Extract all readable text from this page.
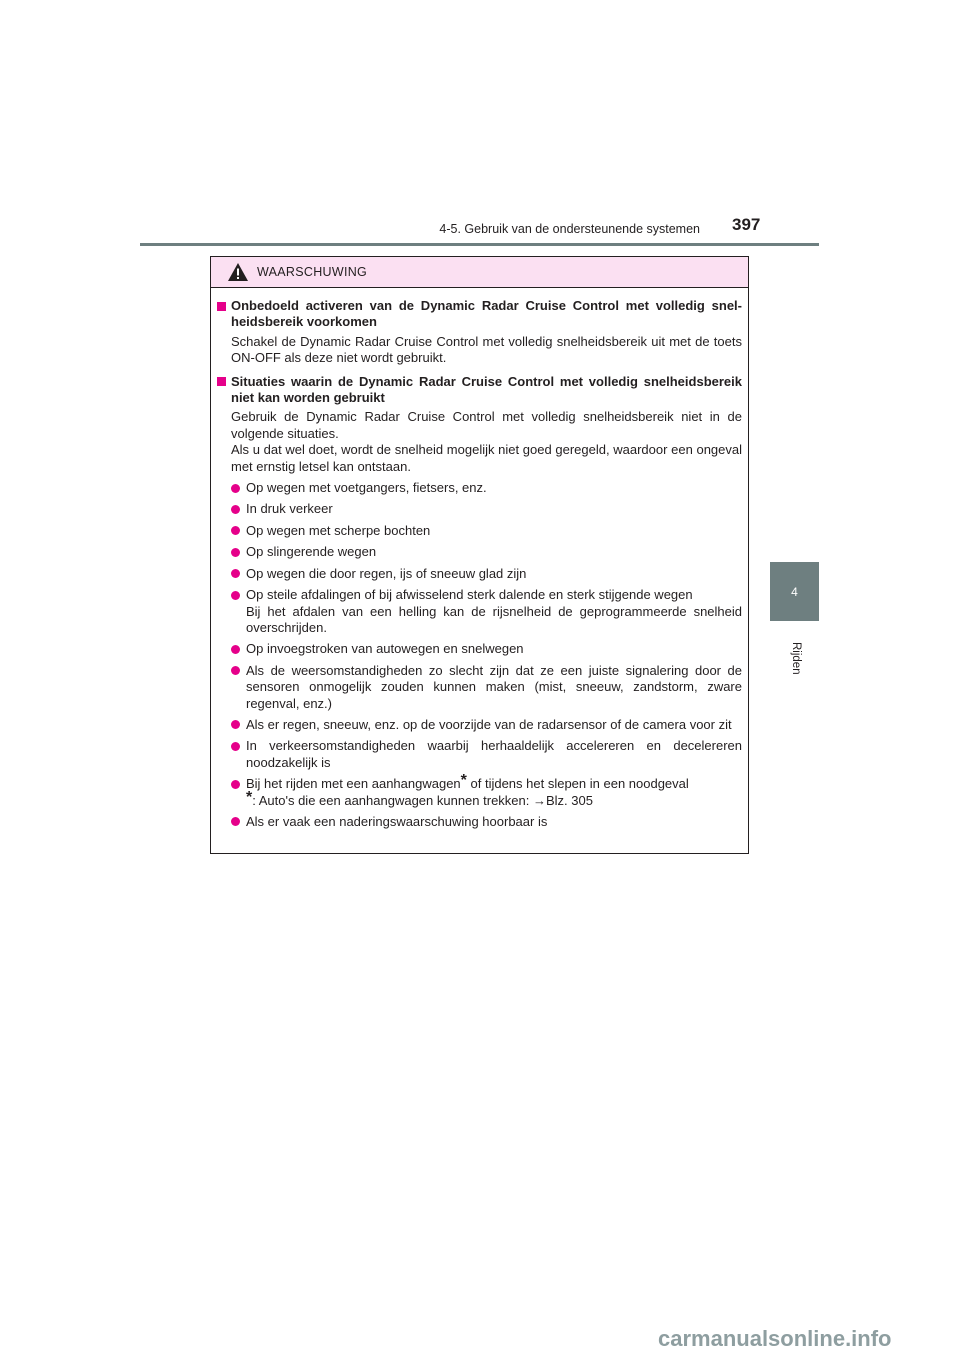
4-5. Gebruik van de ondersteunende systemen 397
4
Rijden
WAARSCHUWING
Onbedoeld activeren van de Dynamic Radar Cruise Control met volledig snel-heidsbereik voorkomen
Schakel de Dynamic Radar Cruise Control met volledig snelheidsbereik uit met de toets ON-OFF als deze niet wordt gebruikt.
Situaties waarin de Dynamic Radar Cruise Control met volledig snelheidsbereik niet kan worden gebruikt
Gebruik de Dynamic Radar Cruise Control met volledig snelheidsbereik niet in de volgende situaties.
Als u dat wel doet, wordt de snelheid mogelijk niet goed geregeld, waardoor een ongeval met ernstig letsel kan ontstaan.
Op wegen met voetgangers, fietsers, enz.
In druk verkeer
Op wegen met scherpe bochten
Op slingerende wegen
Op wegen die door regen, ijs of sneeuw glad zijn
Op steile afdalingen of bij afwisselend sterk dalende en sterk stijgende wegen
Bij het afdalen van een helling kan de rijsnelheid de geprogrammeerde snelheid overschrijden.
Op invoegstroken van autowegen en snelwegen
Als de weersomstandigheden zo slecht zijn dat ze een juiste signalering door de sensoren onmogelijk zouden kunnen maken (mist, sneeuw, zandstorm, zware regenval, enz.)
Als er regen, sneeuw, enz. op de voorzijde van de radarsensor of de camera voor zit
In verkeersomstandigheden waarbij herhaaldelijk accelereren en decelereren noodzakelijk is
Bij het rijden met een aanhangwagen* of tijdens het slepen in een noodgeval
*: Auto's die een aanhangwagen kunnen trekken: →Blz. 305
Als er vaak een naderingswaarschuwing hoorbaar is
carmanualsonline.info
